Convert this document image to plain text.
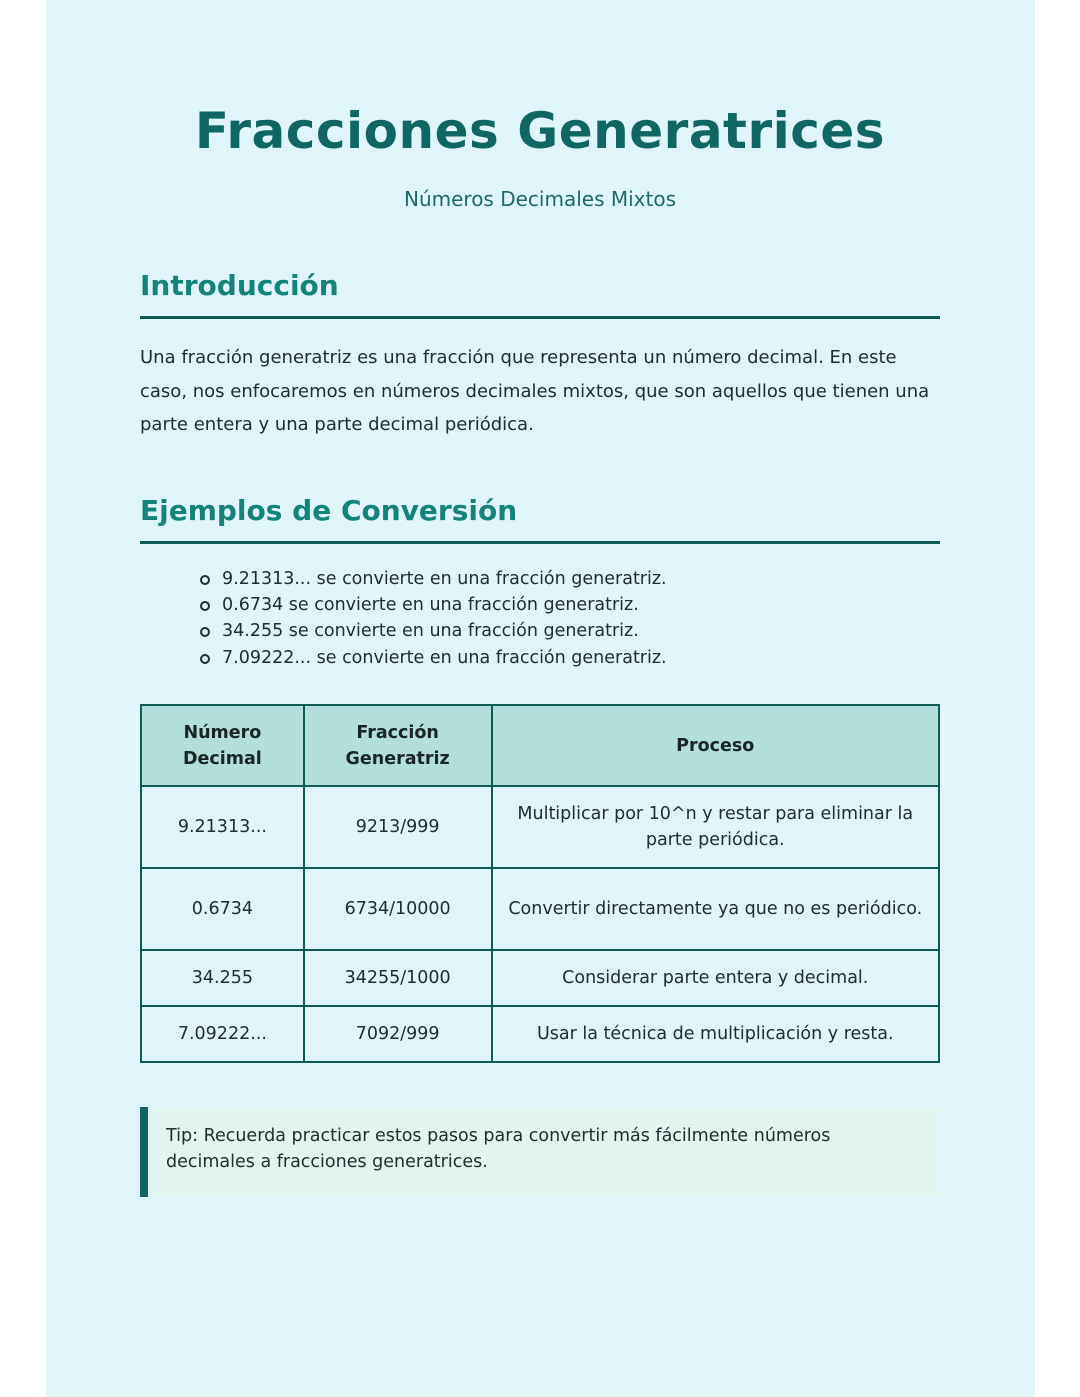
Fracciones Generatrices
Números Decimales Mixtos
Introducción

Una fracción generatriz es una fracción que representa un número decimal. En este caso, nos enfocaremos en números decimales mixtos, que son aquellos que tienen una parte entera y una parte decimal periódica.

Ejemplos de Conversión
9.21313... se convierte en una fracción generatriz.
0.6734 se convierte en una fracción generatriz.
34.255 se convierte en una fracción generatriz.
7.09222... se convierte en una fracción generatriz.
Número Decimal	Fracción Generatriz	Proceso
9.21313...	9213/999	Multiplicar por 10^n y restar para eliminar la parte periódica.
0.6734	6734/10000	Convertir directamente ya que no es periódico.
34.255	34255/1000	Considerar parte entera y decimal.
7.09222...	7092/999	Usar la técnica de multiplicación y resta.
Tip: Recuerda practicar estos pasos para convertir más fácilmente números decimales a fracciones generatrices.
